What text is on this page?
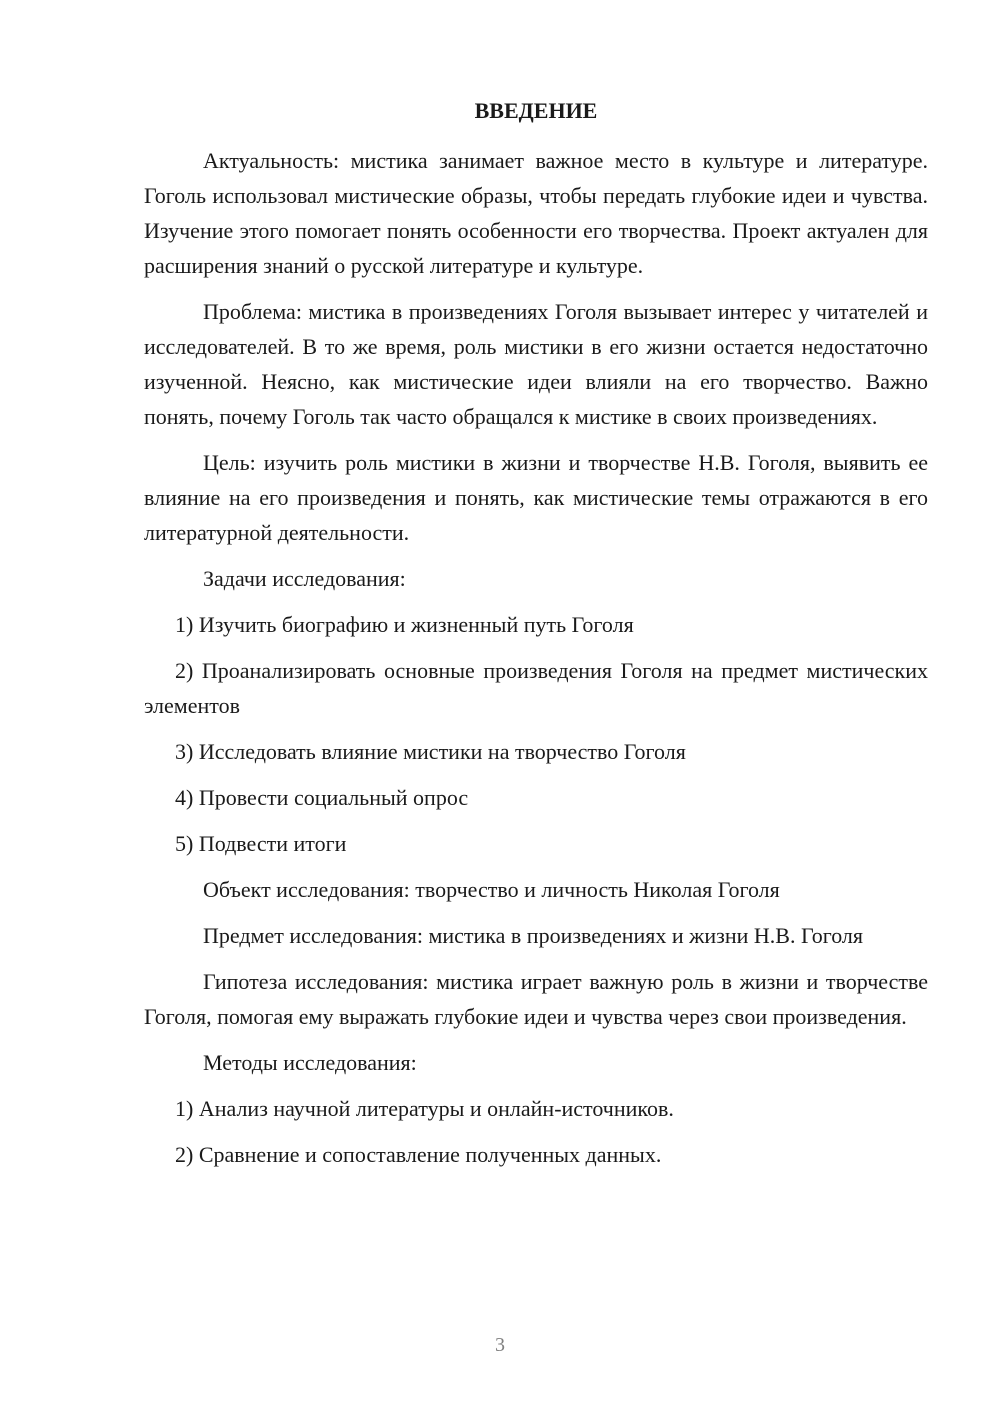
ВВЕДЕНИЕ

Актуальность: мистика занимает важное место в культуре и литературе. Гоголь использовал мистические образы, чтобы передать глубокие идеи и чувства. Изучение этого помогает понять особенности его творчества. Проект актуален для расширения знаний о русской литературе и культуре.

Проблема: мистика в произведениях Гоголя вызывает интерес у читателей и исследователей. В то же время, роль мистики в его жизни остается недостаточно изученной. Неясно, как мистические идеи влияли на его творчество. Важно понять, почему Гоголь так часто обращался к мистике в своих произведениях.

Цель: изучить роль мистики в жизни и творчестве Н.В. Гоголя, выявить ее влияние на его произведения и понять, как мистические темы отражаются в его литературной деятельности.

Задачи исследования:

1) Изучить биографию и жизненный путь Гоголя

2) Проанализировать основные произведения Гоголя на предмет мистических элементов

3) Исследовать влияние мистики на творчество Гоголя

4) Провести социальный опрос

5) Подвести итоги

Объект исследования: творчество и личность Николая Гоголя

Предмет исследования: мистика в произведениях и жизни Н.В. Гоголя

Гипотеза исследования: мистика играет важную роль в жизни и творчестве Гоголя, помогая ему выражать глубокие идеи и чувства через свои произведения.

Методы исследования:

1) Анализ научной литературы и онлайн-источников.

2) Сравнение и сопоставление полученных данных.

3
